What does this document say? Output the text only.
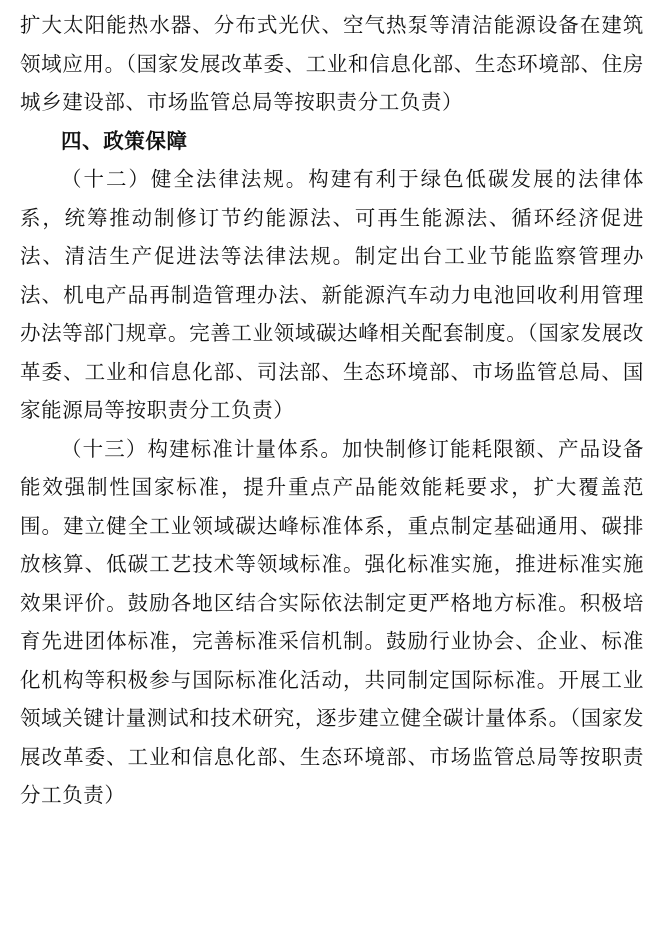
扩大太阳能热水器、分布式光伏、空气热泵等清洁能源设备在建筑领域应用。（国家发展改革委、工业和信息化部、生态环境部、住房城乡建设部、市场监管总局等按职责分工负责）

四、政策保障

（十二）健全法律法规。构建有利于绿色低碳发展的法律体系，统筹推动制修订节约能源法、可再生能源法、循环经济促进法、清洁生产促进法等法律法规。制定出台工业节能监察管理办法、机电产品再制造管理办法、新能源汽车动力电池回收利用管理办法等部门规章。完善工业领域碳达峰相关配套制度。（国家发展改革委、工业和信息化部、司法部、生态环境部、市场监管总局、国家能源局等按职责分工负责）

（十三）构建标准计量体系。加快制修订能耗限额、产品设备能效强制性国家标准，提升重点产品能效能耗要求，扩大覆盖范围。建立健全工业领域碳达峰标准体系，重点制定基础通用、碳排放核算、低碳工艺技术等领域标准。强化标准实施，推进标准实施效果评价。鼓励各地区结合实际依法制定更严格地方标准。积极培育先进团体标准，完善标准采信机制。鼓励行业协会、企业、标准化机构等积极参与国际标准化活动，共同制定国际标准。开展工业领域关键计量测试和技术研究，逐步建立健全碳计量体系。（国家发展改革委、工业和信息化部、生态环境部、市场监管总局等按职责分工负责）
